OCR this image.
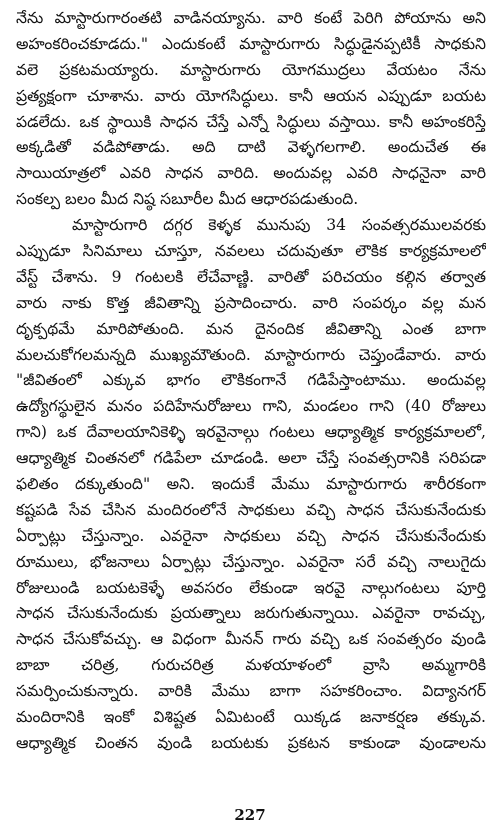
నేను మాస్టారుగారంతటి వాడినయ్యాను. వారి కంటే పెరిగి పోయాను అని
అహంకరించకూడదు." ఎందుకంటే మాస్టారుగారు సిద్ధుడైనప్పటికీ సాధకుని
వలె ప్రకటమయ్యారు. మాస్టారుగారు యోగముద్రలు వేయటం నేను
ప్రత్యక్షంగా చూశాను. వారు యోగసిద్ధులు. కానీ ఆయన ఎప్పుడూ బయట
పడలేదు. ఒక స్థాయికి సాధన చేస్తే ఎన్నో సిద్ధులు వస్తాయి. కానీ అహంకరిస్తే
అక్కడితో వడిపోతాడు. అది దాటి వెళ్ళగలగాలి. అందుచేత ఈ
సాయియాత్రలో ఎవరి సాధన వారిది. అందువల్ల ఎవరి సాధనైనా వారి
సంకల్ప బలం మీద నిష్ఠ సబూరీల మీద ఆధారపడుతుంది.
మాస్టారుగారి దగ్గర కెళ్ళక మునుపు 34 సంవత్సరములవరకు
ఎప్పుడూ సినిమాలు చూస్తూ, నవలలు చదువుతూ లౌకిక కార్యక్రమాలలో
వేస్ట్ చేశాను. 9 గంటలకి లేచేవాణ్ణి. వారితో పరిచయం కల్గిన తర్వాత
వారు నాకు కొత్త జీవితాన్ని ప్రసాదించారు. వారి సంపర్కం వల్ల మన
దృక్పథమే మారిపోతుంది. మన దైనందిక జీవితాన్ని ఎంత బాగా
మలచుకోగలమన్నది ముఖ్యమౌతుంది. మాస్టారుగారు చెప్తుండేవారు. వారు
"జీవితంలో ఎక్కువ భాగం లౌకికంగానే గడిపేస్తాంటాము. అందువల్ల
ఉద్యోగస్థులైన మనం పదిహేనురోజులు గాని, మండలం గాని (40 రోజులు
గాని) ఒక దేవాలయానికెళ్ళి ఇరవైనాల్గు గంటలు ఆధ్యాత్మిక కార్యక్రమాలలో,
ఆధ్యాత్మిక చింతనలో గడిపేలా చూడండి. అలా చేస్తే సంవత్సరానికి సరిపడా
ఫలితం దక్కుతుంది" అని. ఇందుకే మేము మాస్టారుగారు శారీరకంగా
కష్టపడి సేవ చేసిన మందిరంలోనే సాధకులు వచ్చి సాధన చేసుకునేందుకు
ఏర్పాట్లు చేస్తున్నాం. ఎవరైనా సాధకులు వచ్చి సాధన చేసుకునేందుకు
రూములు, భోజనాలు ఏర్పాట్లు చేస్తున్నాం. ఎవరైనా సరే వచ్చి నాలుగైదు
రోజులుండి బయటకెళ్ళే అవసరం లేకుండా ఇరవై నాల్గుగంటలు పూర్తి
సాధన చేసుకునేందుకు ప్రయత్నాలు జరుగుతున్నాయి. ఎవరైనా రావచ్చు,
సాధన చేసుకోవచ్చు. ఆ విధంగా మీనన్ గారు వచ్చి ఒక సంవత్సరం వుండి
బాబా చరిత్ర, గురుచరిత్ర మళయాళంలో వ్రాసి అమ్మగారికి
సమర్పించుకున్నారు. వారికి మేము బాగా సహకరించాం. విద్యానగర్
మందిరానికి ఇంకో విశిష్టత ఏమిటంటే యిక్కడ జనాకర్షణ తక్కువ.
ఆధ్యాత్మిక చింతన వుండి బయటకు ప్రకటన కాకుండా వుండాలను
227
